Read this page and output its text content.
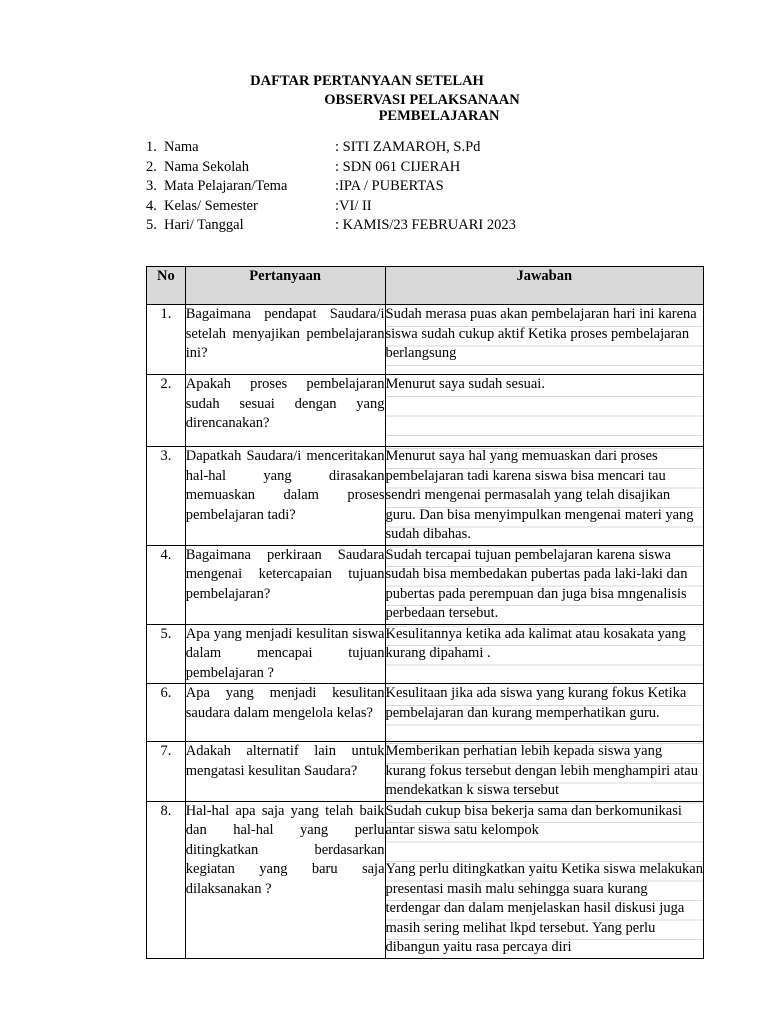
DAFTAR PERTANYAAN SETELAH
OBSERVASI PELAKSANAAN
PEMBELAJARAN
1. Nama	: SITI ZAMAROH, S.Pd
2. Nama Sekolah	: SDN 061 CIJERAH
3. Mata Pelajaran/Tema	:IPA / PUBERTAS
4. Kelas/ Semester	:VI/ II
5. Hari/ Tanggal	: KAMIS/23 FEBRUARI 2023
No	Pertanyaan	Jawaban
1.	Bagaimana pendapat Saudara/i setelah menyajikan pembelajaran ini?	Sudah merasa puas akan pembelajaran hari ini karena siswa sudah cukup aktif Ketika proses pembelajaran berlangsung
2.	Apakah proses pembelajaran sudah sesuai dengan yang direncanakan?	Menurut saya sudah sesuai.
3.	Dapatkah Saudara/i menceritakan hal-hal yang dirasakan memuaskan dalam proses pembelajaran tadi?	Menurut saya hal yang memuaskan dari proses pembelajaran tadi karena siswa bisa mencari tau sendri mengenai permasalah yang telah disajikan guru. Dan bisa menyimpulkan mengenai materi yang sudah dibahas.
4.	Bagaimana perkiraan Saudara mengenai ketercapaian tujuan pembelajaran?	Sudah tercapai tujuan pembelajaran karena siswa sudah bisa membedakan pubertas pada laki-laki dan pubertas pada perempuan dan juga bisa mngenalisis perbedaan tersebut.
5.	Apa yang menjadi kesulitan siswa dalam mencapai tujuan pembelajaran ?	Kesulitannya ketika ada kalimat atau kosakata yang kurang dipahami .
6.	Apa yang menjadi kesulitan saudara dalam mengelola kelas?	Kesulitaan jika ada siswa yang kurang fokus Ketika pembelajaran dan kurang memperhatikan guru.
7.	Adakah alternatif lain untuk mengatasi kesulitan Saudara?	Memberikan perhatian lebih kepada siswa yang kurang fokus tersebut dengan lebih menghampiri atau mendekatkan k siswa tersebut
8.	Hal-hal apa saja yang telah baik dan hal-hal yang perlu ditingkatkan berdasarkan kegiatan yang baru saja dilaksanakan ?	Sudah cukup bisa bekerja sama dan berkomunikasi antar siswa satu kelompok
Yang perlu ditingkatkan yaitu Ketika siswa melakukan presentasi masih malu sehingga suara kurang terdengar dan dalam menjelaskan hasil diskusi juga masih sering melihat lkpd tersebut. Yang perlu dibangun yaitu rasa percaya diri
